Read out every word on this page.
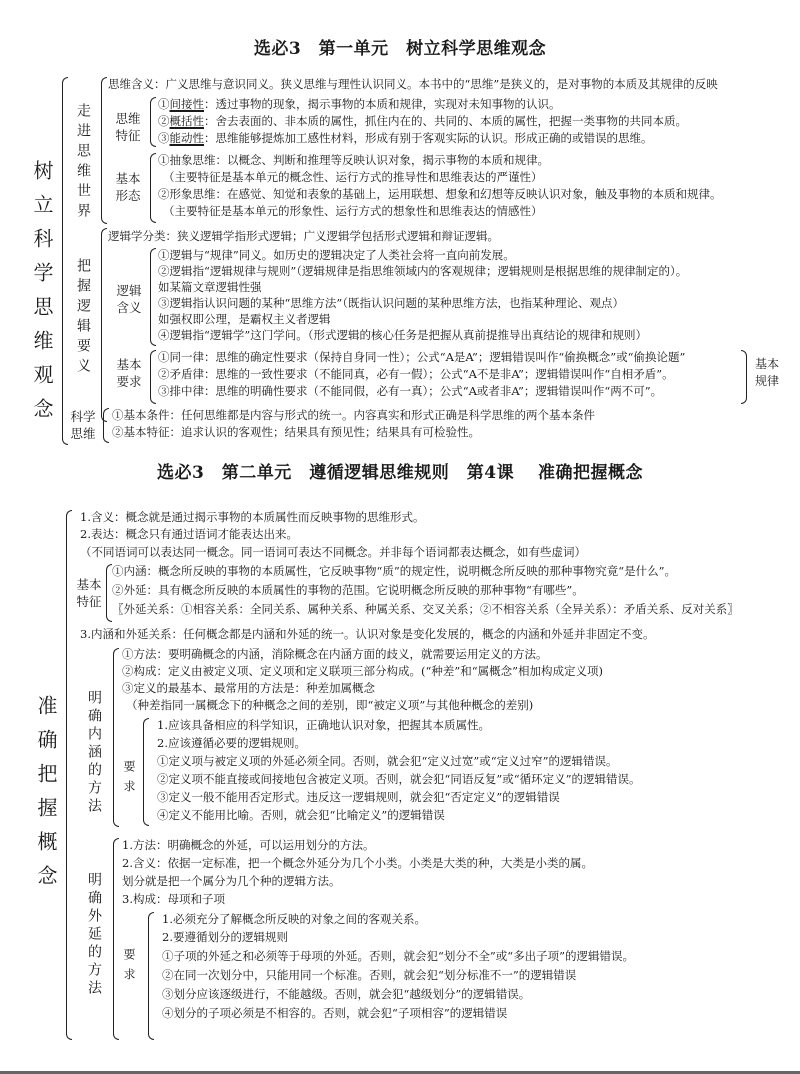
选必3　第一单元　树立科学思维观念
树立科学思维观念 走进思维世界
思维含义：广义思维与意识同义。狭义思维与理性认识同义。本书中的“思维”是狭义的，是对事物的本质及其规律的反映
思维特征
①间接性：透过事物的现象，揭示事物的本质和规律，实现对未知事物的认识。
②概括性：舍去表面的、非本质的属性，抓住内在的、共同的、本质的属性，把握一类事物的共同本质。
③能动性：思维能够提炼加工感性材料，形成有别于客观实际的认识。形成正确的或错误的思维。
基本形态
①抽象思维：以概念、判断和推理等反映认识对象，揭示事物的本质和规律。
（主要特征是基本单元的概念性、运行方式的推导性和思维表达的严谨性）
②形象思维：在感觉、知觉和表象的基础上，运用联想、想象和幻想等反映认识对象，触及事物的本质和规律。
（主要特征是基本单元的形象性、运行方式的想象性和思维表达的情感性）
把握逻辑要义
逻辑学分类：狭义逻辑学指形式逻辑；广义逻辑学包括形式逻辑和辩证逻辑。
逻辑含义
①逻辑与“规律”同义。如历史的逻辑决定了人类社会将一直向前发展。
②逻辑指“逻辑规律与规则”（逻辑规律是指思维领域内的客观规律；逻辑规则是根据思维的规律制定的）。
如某篇文章逻辑性强
③逻辑指认识问题的某种“思维方法”（既指认识问题的某种思维方法，也指某种理论、观点）
如强权即公理，是霸权主义者逻辑
④逻辑指“逻辑学”这门学问。（形式逻辑的核心任务是把握从真前提推导出真结论的规律和规则）
基本要求
①同一律：思维的确定性要求（保持自身同一性）；公式“A是A”；逻辑错误叫作“偷换概念”或“偷换论题”
②矛盾律：思维的一致性要求（不能同真，必有一假）；公式“A不是非A”；逻辑错误叫作“自相矛盾”。
③排中律：思维的明确性要求（不能同假，必有一真）；公式“A或者非A”；逻辑错误叫作“两不可”。
基本规律
科学思维
①基本条件：任何思维都是内容与形式的统一。内容真实和形式正确是科学思维的两个基本条件
②基本特征：追求认识的客观性；结果具有预见性；结果具有可检验性。
选必3　第二单元　遵循逻辑思维规则　第4课　 准确把握概念
准确把握概念
1.含义：概念就是通过揭示事物的本质属性而反映事物的思维形式。
2.表达：概念只有通过语词才能表达出来。
（不同语词可以表达同一概念。同一语词可表达不同概念。并非每个语词都表达概念，如有些虚词）
基本特征
①内涵：概念所反映的事物的本质属性，它反映事物“质”的规定性，说明概念所反映的那种事物究竟“是什么”。
②外延：具有概念所反映的本质属性的事物的范围。它说明概念所反映的那种事物“有哪些”。
〖外延关系：①相容关系：全同关系、属种关系、种属关系、交叉关系；②不相容关系（全异关系）：矛盾关系、反对关系〗
3.内涵和外延关系：任何概念都是内涵和外延的统一。认识对象是变化发展的，概念的内涵和外延并非固定不变。
明确内涵的方法
①方法：要明确概念的内涵，消除概念在内涵方面的歧义，就需要运用定义的方法。
②构成：定义由被定义项、定义项和定义联项三部分构成。(“种差”和“属概念”相加构成定义项)
③定义的最基本、最常用的方法是：种差加属概念
（种差指同一属概念下的种概念之间的差别，即“被定义项”与其他种概念的差别)
要求
1.应该具备相应的科学知识，正确地认识对象，把握其本质属性。
2.应该遵循必要的逻辑规则。
①定义项与被定义项的外延必须全同。否则，就会犯“定义过宽”或“定义过窄”的逻辑错误。
②定义项不能直接或间接地包含被定义项。否则，就会犯“同语反复”或“循环定义”的逻辑错误。
③定义一般不能用否定形式。违反这一逻辑规则，就会犯“否定定义”的逻辑错误
④定义不能用比喻。否则，就会犯“比喻定义”的逻辑错误
明确外延的方法
1.方法：明确概念的外延，可以运用划分的方法。
2.含义：依据一定标准，把一个概念外延分为几个小类。小类是大类的种，大类是小类的属。
划分就是把一个属分为几个种的逻辑方法。
3.构成：母项和子项
要求
1.必须充分了解概念所反映的对象之间的客观关系。
2.要遵循划分的逻辑规则
①子项的外延之和必须等于母项的外延。否则，就会犯“划分不全”或“多出子项”的逻辑错误。
②在同一次划分中，只能用同一个标准。否则，就会犯“划分标准不一”的逻辑错误
③划分应该逐级进行，不能越级。否则，就会犯“越级划分”的逻辑错误。
④划分的子项必须是不相容的。否则，就会犯“子项相容”的逻辑错误
